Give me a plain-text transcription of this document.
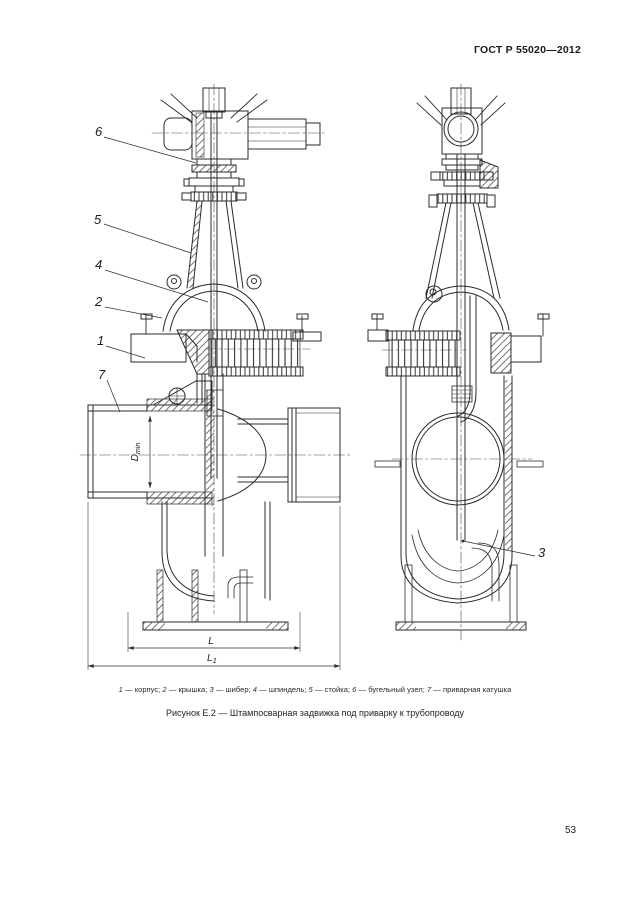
ГОСТ Р 55020—2012
$D_{min}$
L
$L_1$
6
5
4
2
1
7
3
1 — корпус; 2 — крышка; 3 — шибер; 4 — шпиндель; 5 — стойка; 6 — бугельный узел; 7 — приварная катушка
Рисунок Е.2 — Штампосварная задвижка под приварку к трубопроводу
53
